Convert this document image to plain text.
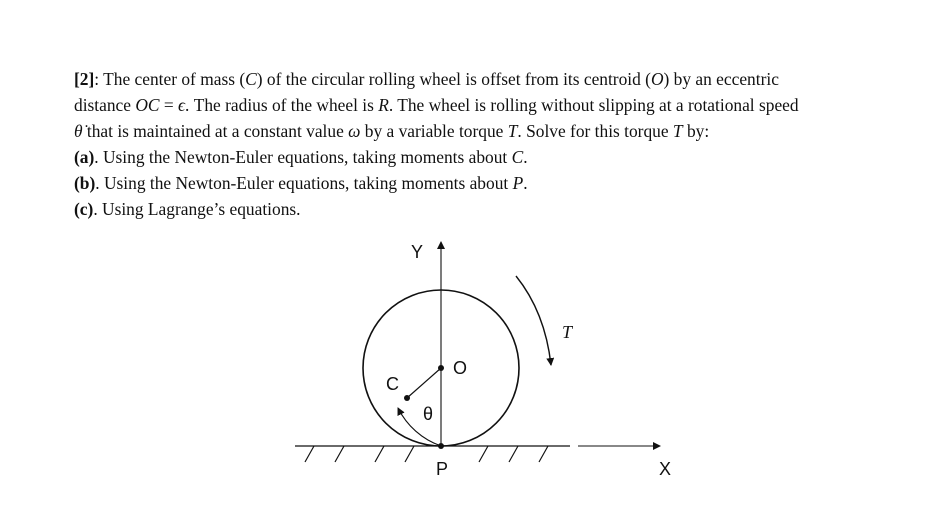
[2]: The center of mass (C) of the circular rolling wheel is offset from its centroid (O) by an eccentric
distance OC = ϵ. The radius of the wheel is R. The wheel is rolling without slipping at a rotational speed
θ̇ that is maintained at a constant value ω by a variable torque T. Solve for this torque T by:
(a). Using the Newton-Euler equations, taking moments about C.
(b). Using the Newton-Euler equations, taking moments about P.
(c). Using Lagrange’s equations.
X
Y
O
C
θ
P
T
